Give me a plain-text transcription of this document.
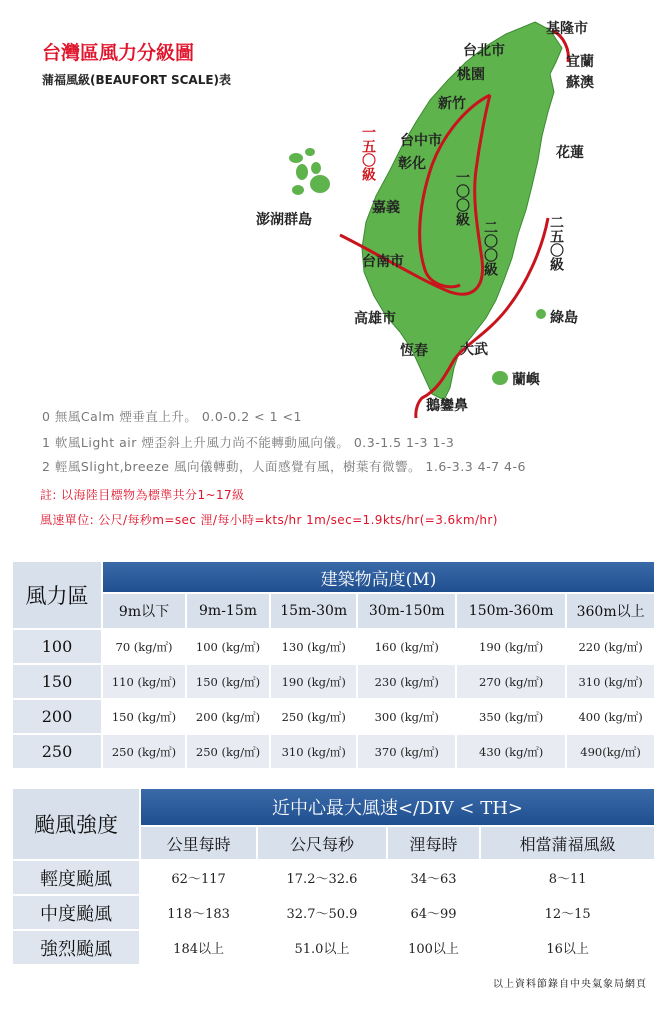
台灣區風力分級圖
蒲福風級(BEAUFORT SCALE)表
一五〇級
一〇〇級
二〇〇級	二五〇級
基隆市
台北市
宜蘭
桃園	蘇澳
新竹
台中市
花蓮
彰化
嘉義
澎湖群島
台南市
綠島
高雄市
恆春 大武
蘭嶼
鵝鑾鼻
0 無風Calm 煙垂直上升。 0.0-0.2 < 1 <1
1 軟風Light air 煙歪斜上升風力尚不能轉動風向儀。 0.3-1.5 1-3 1-3
2 輕風Slight,breeze 風向儀轉動，人面感覺有風，樹葉有微響。 1.6-3.3 4-7 4-6
註: 以海陸目標物為標準共分1~17級
風速單位: 公尺/每秒m=sec 浬/每小時=kts/hr 1m/sec=1.9kts/hr(=3.6km/hr)
風力區	建築物高度(M)					
	9m以下	9m-15m	15m-30m	30m-150m	150m-360m	360m以上
100	70 (kg/㎡)	100 (kg/㎡)	130 (kg/㎡)	160 (kg/㎡)	190 (kg/㎡)	220 (kg/㎡)
150	110 (kg/㎡)	150 (kg/㎡)	190 (kg/㎡)	230 (kg/㎡)	270 (kg/㎡)	310 (kg/㎡)
200	150 (kg/㎡)	200 (kg/㎡)	250 (kg/㎡)	300 (kg/㎡)	350 (kg/㎡)	400 (kg/㎡)
250	250 (kg/㎡)	250 (kg/㎡)	310 (kg/㎡)	370 (kg/㎡)	430 (kg/㎡)	490(kg/㎡)
颱風強度	近中心最大風速</DIV < TH>			
	公里每時	公尺每秒	浬每時	相當蒲福風級
輕度颱風	62～117	17.2～32.6	34～63	8～11
中度颱風	118～183	32.7～50.9	64～99	12～15
強烈颱風	184以上	51.0以上	100以上	16以上
以上資料節錄自中央氣象局網頁
